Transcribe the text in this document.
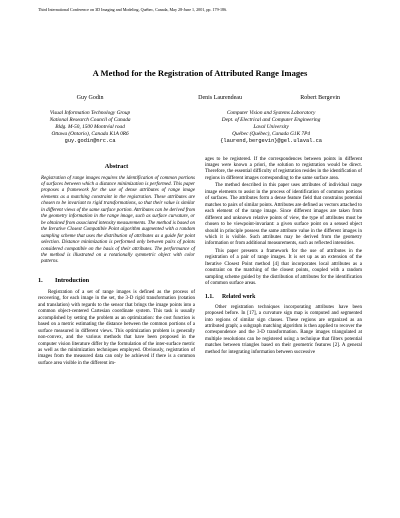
Third International Conference on 3D Imaging and Modeling, Québec, Canada, May 28-June 1, 2001, pp. 179-186.
A Method for the Registration of Attributed Range Images
Guy Godin
Visual Information Technology Group
National Research Council of Canada
Bldg. M-50, 1500 Montréal road
Ottawa (Ontario), Canada K1A 0R6
guy.godin@nrc.ca
Denis Laurendeau	Robert Bergevin
Computer Vision and Systems Laboratory
Dept. of Electrical and Computer Engineering
Laval University
Québec (Québec), Canada G1K 7P4
{laurend,bergevin}@gel.ulaval.ca
Abstract

Registration of range images requires the identification of common portions of surfaces between which a distance minimization is performed. This paper proposes a framework for the use of dense attributes of range image elements as a matching constraint in the registration. These attributes are chosen to be invariant to rigid transformations, so that their value is similar in different views of the same surface portion. Attributes can be derived from the geometry information in the range image, such as surface curvature, or be obtained from associated intensity measurements. The method is based on the Iterative Closest Compatible Point algorithm augmented with a random sampling scheme that uses the distribution of attributes as a guide for point selection. Distance minimization is performed only between pairs of points considered compatible on the basis of their attributes. The performance of the method is illustrated on a rotationally symmetric object with color patterns.

1. Introduction

Registration of a set of range images is defined as the process of recovering, for each image in the set, the 3-D rigid transformation (rotation and translation) with regards to the sensor that brings the image points into a common object-centered Cartesian coordinate system. This task is usually accomplished by setting the problem as an optimization: the cost function is based on a metric estimating the distance between the common portions of a surface measured in different views. This optimization problem is generally non-convex, and the various methods that have been proposed in the computer vision literature differ by the formulation of the inter-surface metric as well as the minimization techniques employed. Obviously, registration of images from the measured data can only be achieved if there is a common surface area visible in the different im-

ages to be registered. If the correspondences between points in different images were known a priori, the solution to registration would be direct. Therefore, the essential difficulty of registration resides in the identification of regions in different images corresponding to the same surface area.

The method described in this paper uses attributes of individual range image elements to assist in the process of identification of common portions of surfaces. The attributes form a dense feature field that constrains potential matches to pairs of similar points. Attributes are defined as vectors attached to each element of the range image. Since different images are taken from different and unknown relative points of view, the type of attributes must be chosen to be viewpoint-invariant: a given surface point on a sensed object should in principle possess the same attribute value in the different images in which it is visible. Such attributes may be derived from the geometry information or from additional measurements, such as reflected intensities.

This paper presents a framework for the use of attributes in the registration of a pair of range images. It is set up as an extension of the Iterative Closest Point method [4] that incorporates local attributes as a constraint on the matching of the closest points, coupled with a random sampling scheme guided by the distribution of attributes for the identification of common surface areas.

1.1. Related work

Other registration techniques incorporating attributes have been proposed before. In [17], a curvature sign map is computed and segmented into regions of similar sign classes. These regions are organized as an attributed graph; a subgraph matching algorithm is then applied to recover the correspondence and the 3-D transformation. Range images triangulated at multiple resolutions can be registered using a technique that filters potential matches between triangles based on their geometric features [2]. A general method for integrating information between successive
